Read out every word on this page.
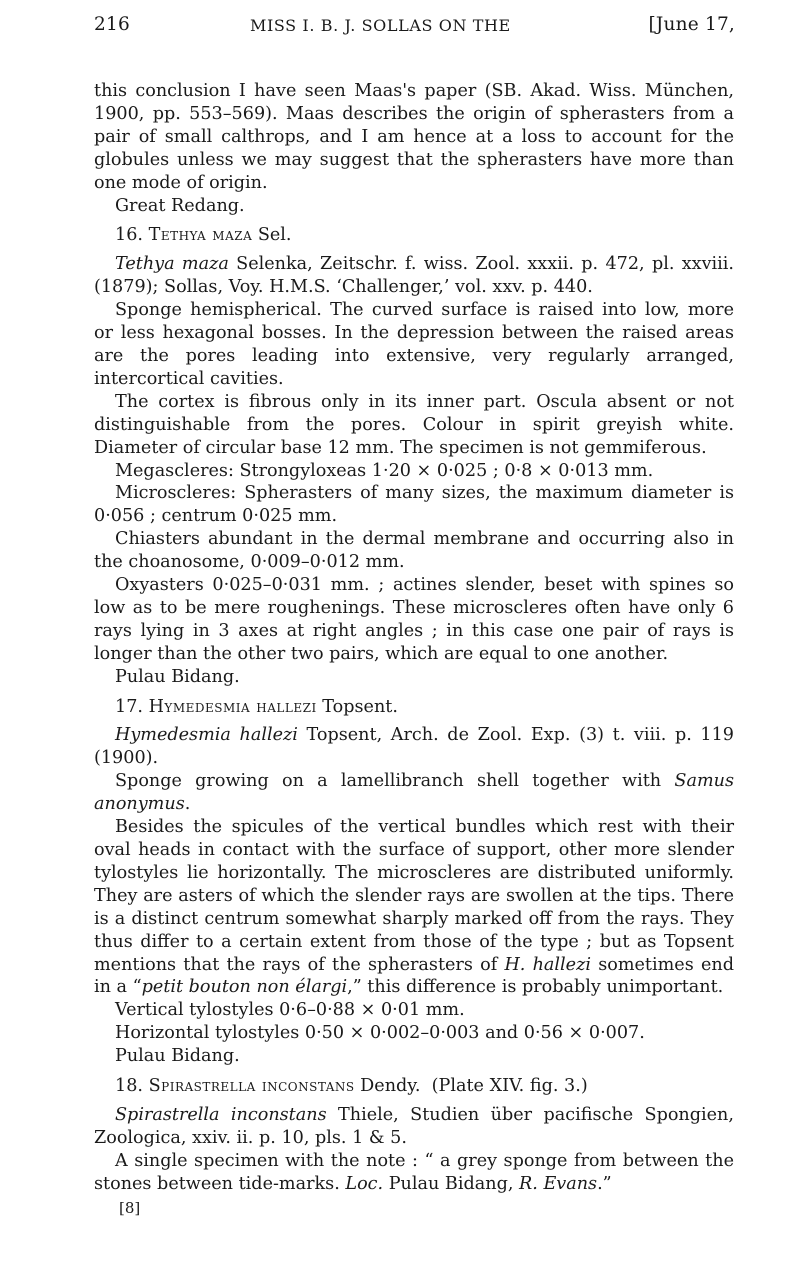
216	MISS I. B. J. SOLLAS ON THE	[June 17,

this conclusion I have seen Maas's paper (SB. Akad. Wiss. München, 1900, pp. 553–569). Maas describes the origin of spherasters from a pair of small calthrops, and I am hence at a loss to account for the globules unless we may suggest that the spherasters have more than one mode of origin.

Great Redang.

16. Tethya maza Sel.

Tethya maza Selenka, Zeitschr. f. wiss. Zool. xxxii. p. 472, pl. xxviii. (1879); Sollas, Voy. H.M.S. ‘Challenger,’ vol. xxv. p. 440.

Sponge hemispherical. The curved surface is raised into low, more or less hexagonal bosses. In the depression between the raised areas are the pores leading into extensive, very regularly arranged, intercortical cavities.

The cortex is fibrous only in its inner part. Oscula absent or not distinguishable from the pores. Colour in spirit greyish white. Diameter of circular base 12 mm. The specimen is not gemmiferous.

Megascleres: Strongyloxeas 1·20 × 0·025 ; 0·8 × 0·013 mm.

Microscleres: Spherasters of many sizes, the maximum diameter is 0·056 ; centrum 0·025 mm.

Chiasters abundant in the dermal membrane and occurring also in the choanosome, 0·009–0·012 mm.

Oxyasters 0·025–0·031 mm. ; actines slender, beset with spines so low as to be mere roughenings. These microscleres often have only 6 rays lying in 3 axes at right angles ; in this case one pair of rays is longer than the other two pairs, which are equal to one another.

Pulau Bidang.

17. Hymedesmia hallezi Topsent.

Hymedesmia hallezi Topsent, Arch. de Zool. Exp. (3) t. viii. p. 119 (1900).

Sponge growing on a lamellibranch shell together with Samus anonymus.

Besides the spicules of the vertical bundles which rest with their oval heads in contact with the surface of support, other more slender tylostyles lie horizontally. The microscleres are distributed uniformly. They are asters of which the slender rays are swollen at the tips. There is a distinct centrum somewhat sharply marked off from the rays. They thus differ to a certain extent from those of the type ; but as Topsent mentions that the rays of the spherasters of H. hallezi sometimes end in a “petit bouton non élargi,” this difference is probably unimportant.

Vertical tylostyles 0·6–0·88 × 0·01 mm.

Horizontal tylostyles 0·50 × 0·002–0·003 and 0·56 × 0·007.

Pulau Bidang.

18. Spirastrella inconstans Dendy. (Plate XIV. fig. 3.)

Spirastrella inconstans Thiele, Studien über pacifische Spongien, Zoologica, xxiv. ii. p. 10, pls. 1 & 5.

A single specimen with the note : “ a grey sponge from between the stones between tide-marks. Loc. Pulau Bidang, R. Evans.”

[8]
